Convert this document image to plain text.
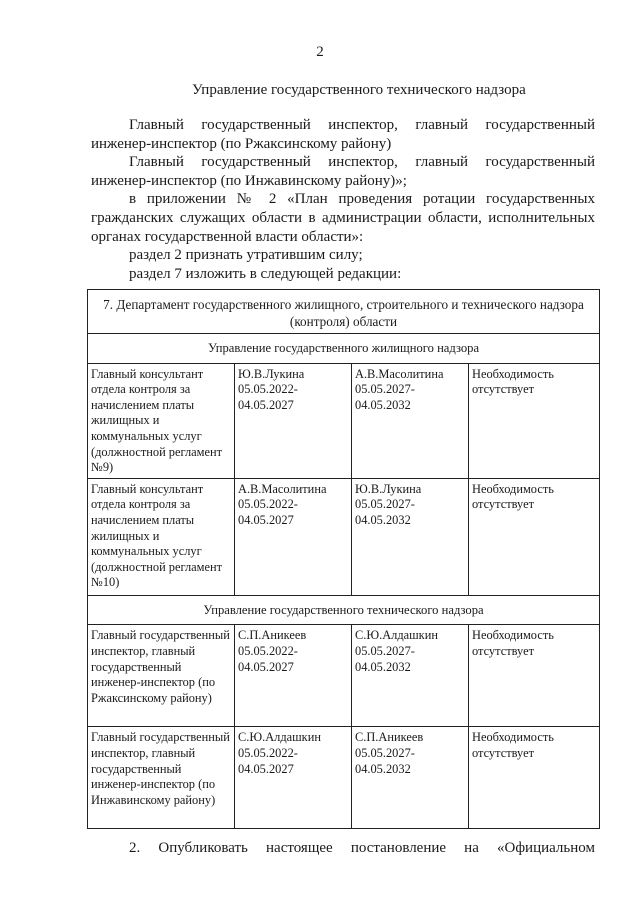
2
Управление государственного технического надзора

Главный государственный инспектор, главный государственный инженер-инспектор (по Ржаксинскому району)

Главный государственный инспектор, главный государственный инженер-инспектор (по Инжавинскому району)»;

в приложении № 2 «План проведения ротации государственных гражданских служащих области в администрации области, исполнительных органах государственной власти области»:

раздел 2 признать утратившим силу;

раздел 7 изложить в следующей редакции:

7. Департамент государственного жилищного, строительного и технического надзора (контроля) области			
Управление государственного жилищного надзора			
Главный консультант отдела контроля за начислением платы жилищных и коммунальных услуг (должностной регламент №9)	Ю.В.Лукина 05.05.2022-04.05.2027	А.В.Масолитина 05.05.2027-04.05.2032	Необходимость отсутствует
Главный консультант отдела контроля за начислением платы жилищных и коммунальных услуг (должностной регламент №10)	А.В.Масолитина 05.05.2022-04.05.2027	Ю.В.Лукина 05.05.2027-04.05.2032	Необходимость отсутствует
Управление государственного технического надзора			
Главный государственный инспектор, главный государственный инженер-инспектор (по Ржаксинскому району)	С.П.Аникеев 05.05.2022-04.05.2027	С.Ю.Алдашкин 05.05.2027-04.05.2032	Необходимость отсутствует
Главный государственный инспектор, главный государственный инженер-инспектор (по Инжавинскому району)	С.Ю.Алдашкин 05.05.2022-04.05.2027	С.П.Аникеев 05.05.2027-04.05.2032	Необходимость отсутствует

2. Опубликовать настоящее постановление на «Официальном
